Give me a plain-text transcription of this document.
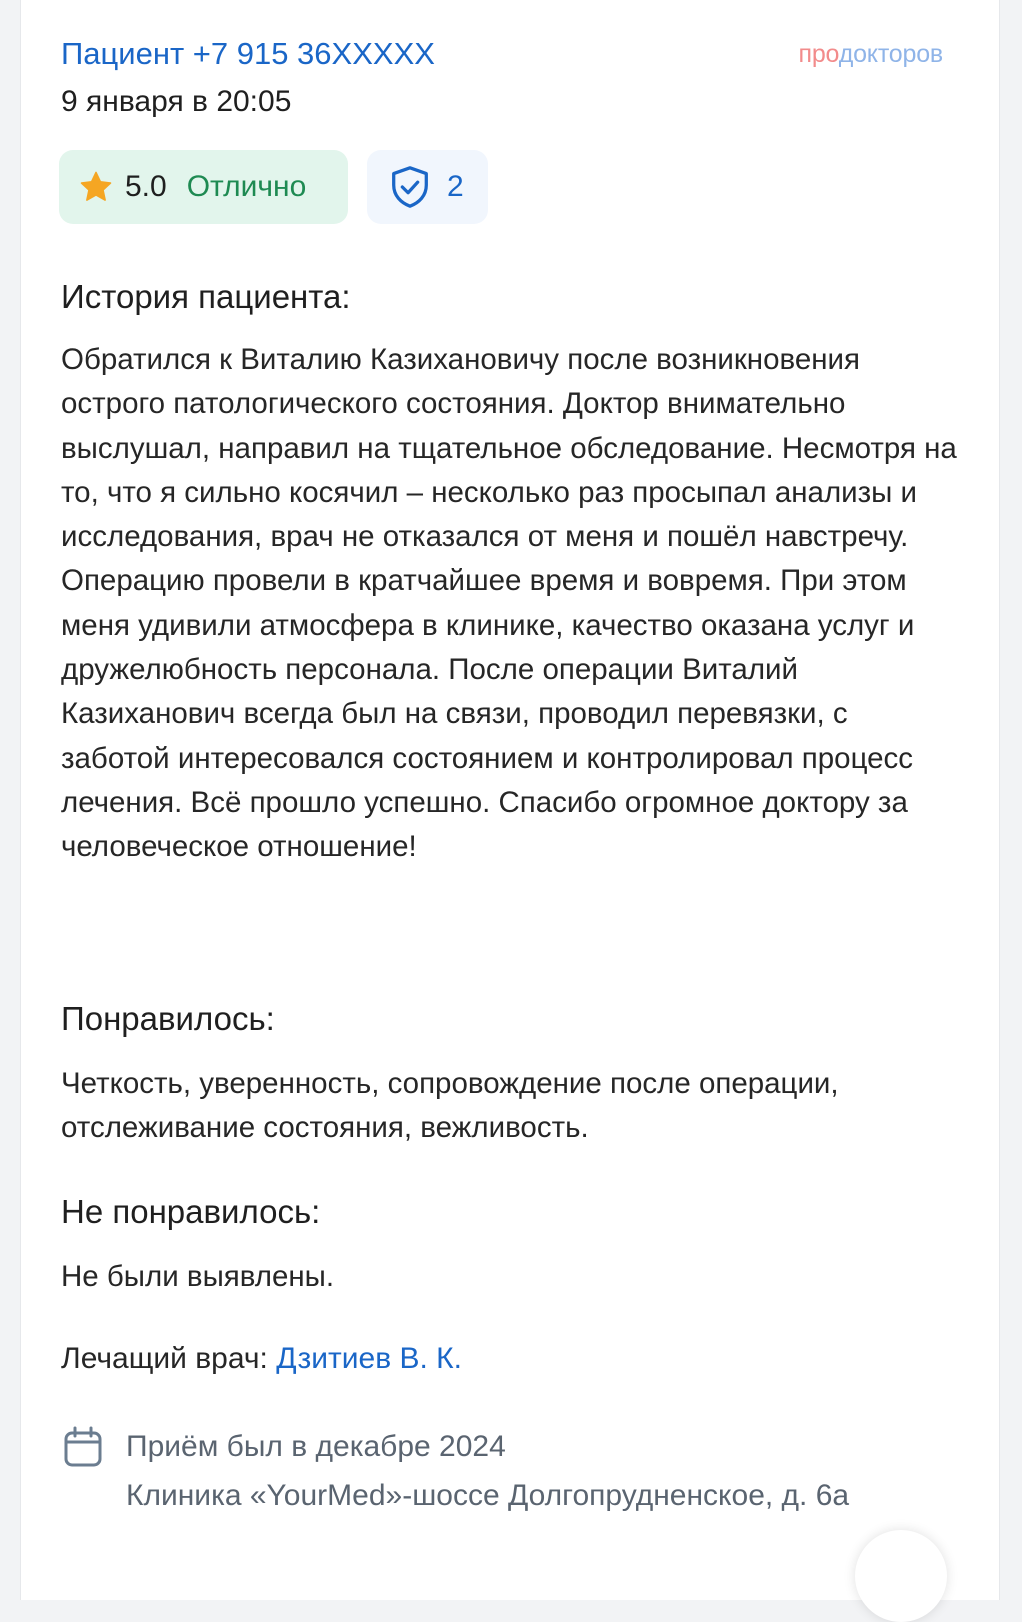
Пациент +7 915 36XXXXX	продокторов
9 января в 20:05
5.0 Отлично	2
История пациента:
Обратился к Виталию Казихановичу после возникновения острого патологического состояния. Доктор внимательно выслушал, направил на тщательное обследование. Несмотря на то, что я сильно косячил – несколько раз просыпал анализы и исследования, врач не отказался от меня и пошёл навстречу. Операцию провели в кратчайшее время и вовремя. При этом меня удивили атмосфера в клинике, качество оказана услуг и дружелюбность персонала. После операции Виталий Казиханович всегда был на связи, проводил перевязки, с заботой интересовался состоянием и контролировал процесс лечения. Всё прошло успешно. Спасибо огромное доктору за человеческое отношение!
Понравилось:
Четкость, уверенность, сопровождение после операции, отслеживание состояния, вежливость.
Не понравилось:
Не были выявлены.
Лечащий врач: Дзитиев В. К.
Приём был в декабре 2024
Клиника «YourMed»-шоссе Долгопрудненское, д. 6а
